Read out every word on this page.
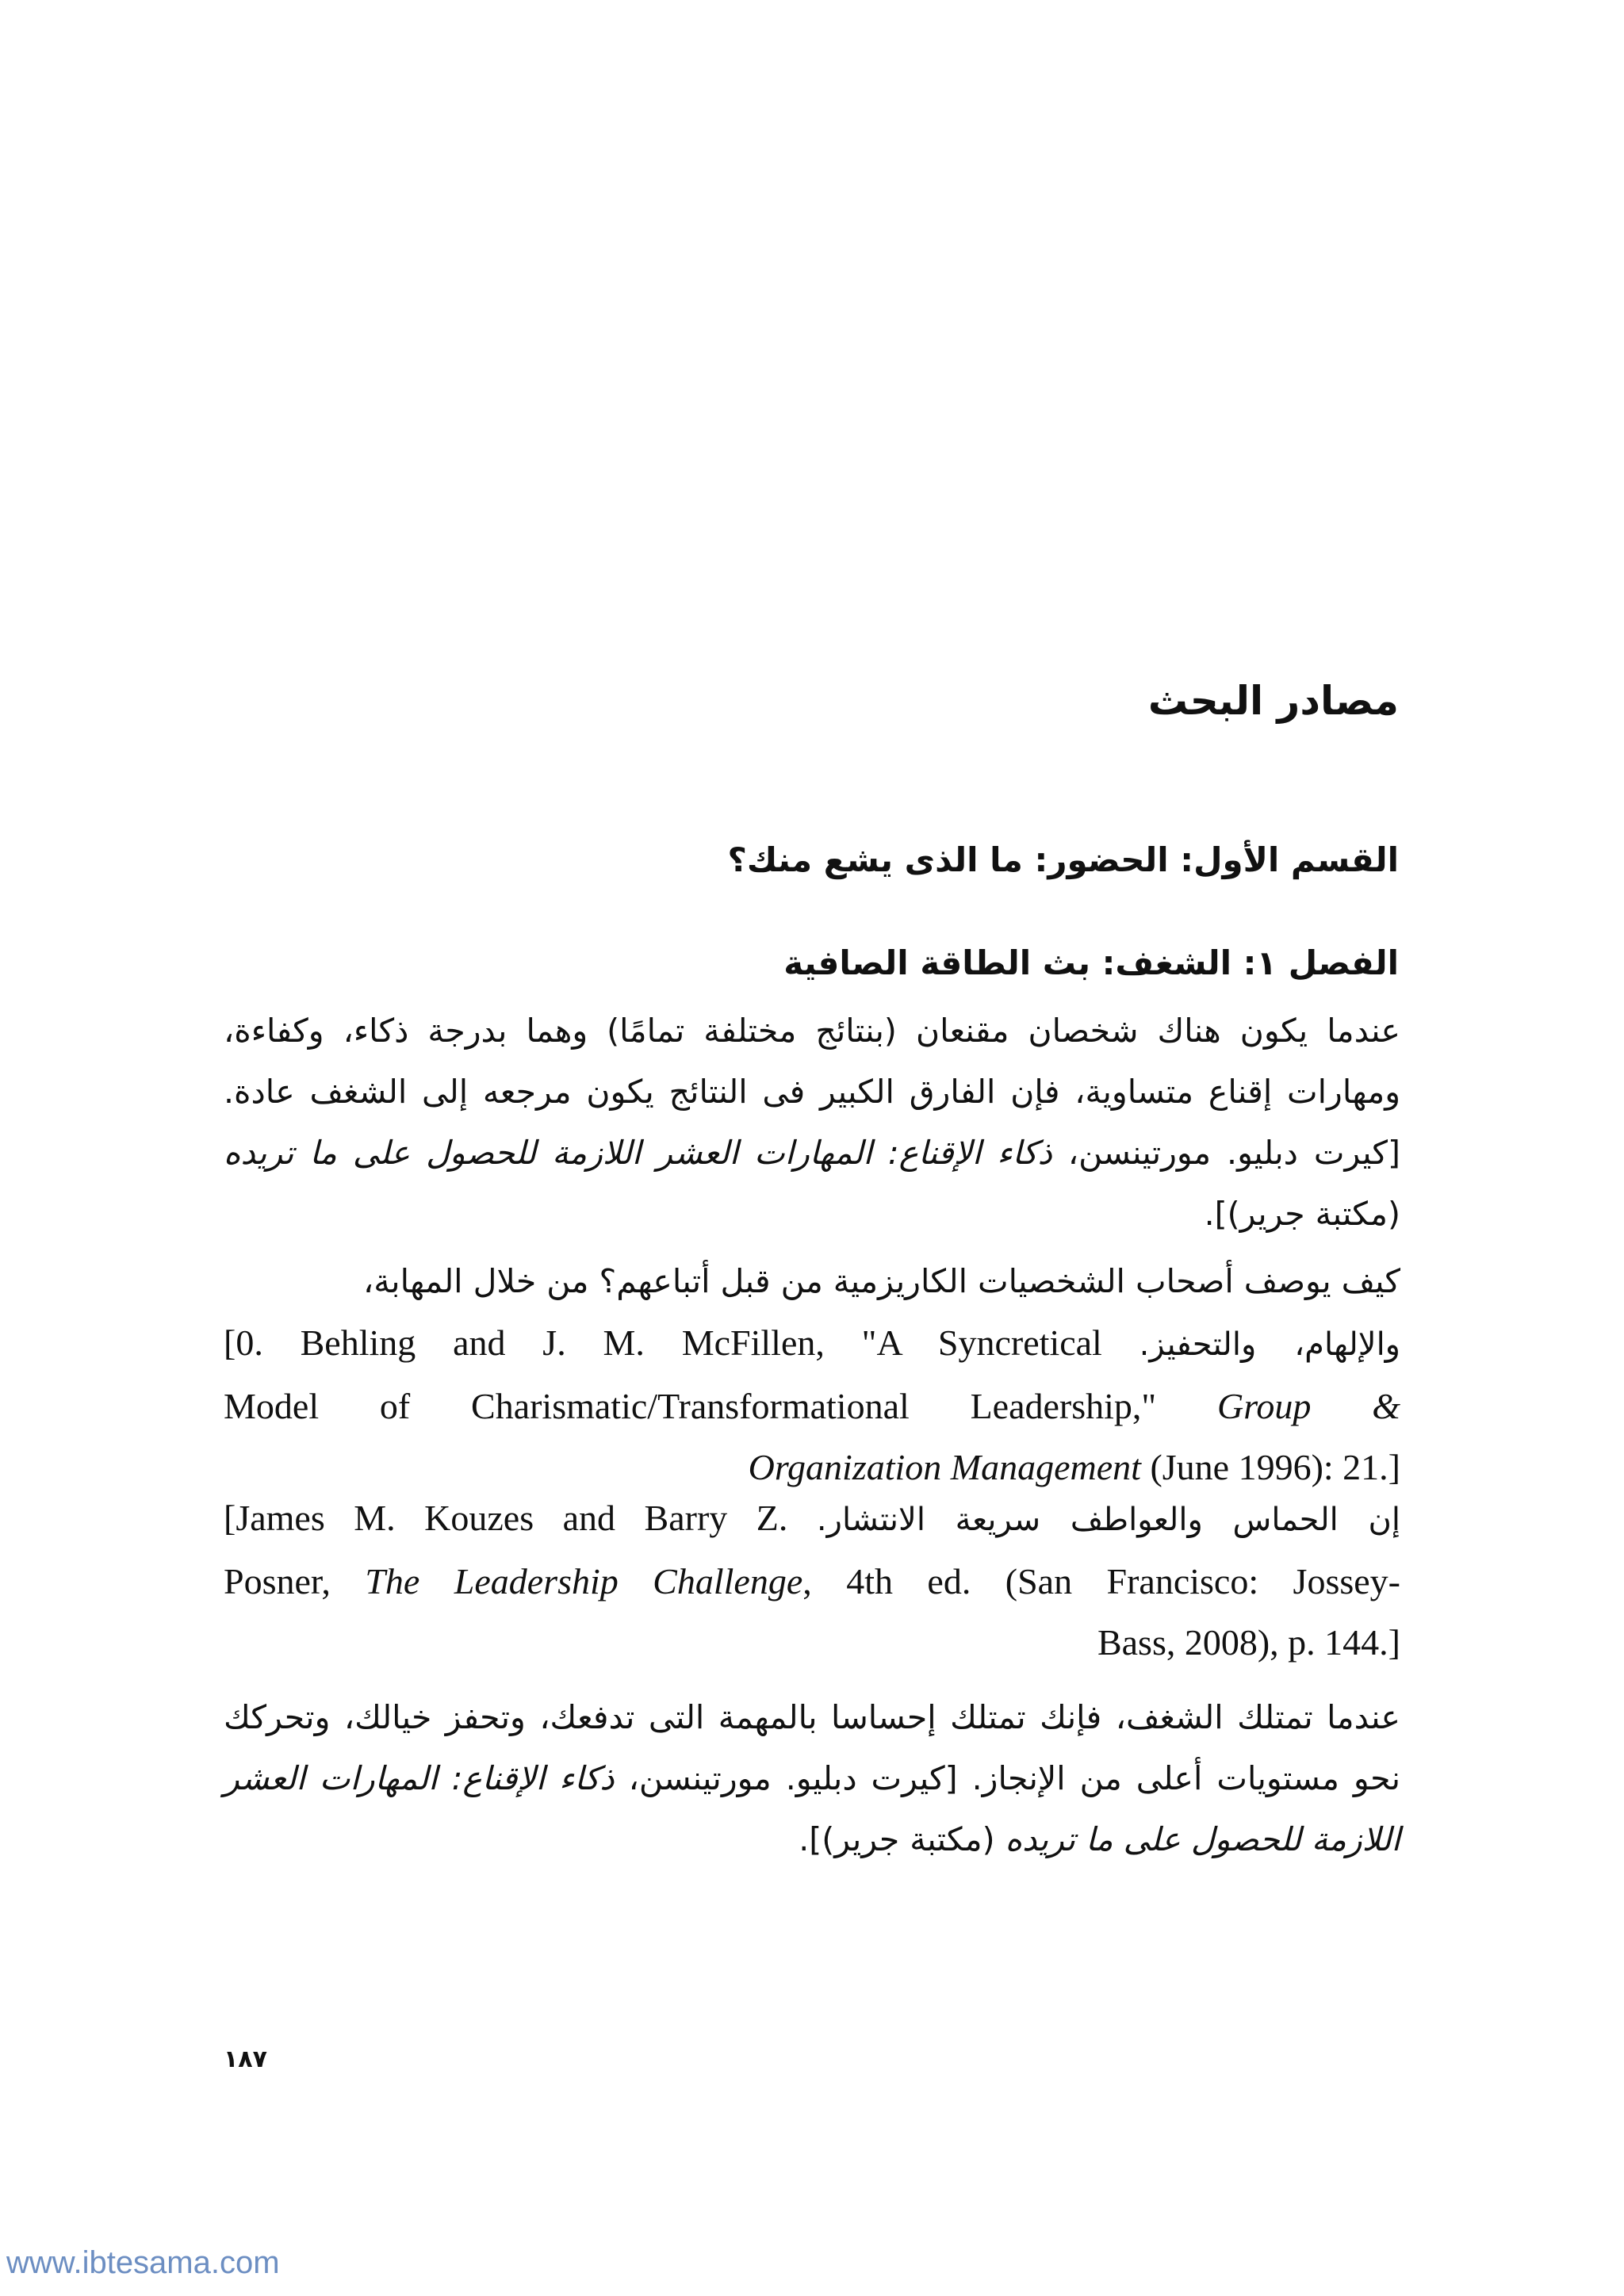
مصادر البحث
القسم الأول: الحضور: ما الذى يشع منك؟
الفصل ١: الشغف: بث الطاقة الصافية
عندما يكون هناك شخصان مقنعان (بنتائج مختلفة تمامًا) وهما بدرجة ذكاء، وكفاءة، ومهارات إقناع متساوية، فإن الفارق الكبير فى النتائج يكون مرجعه إلى الشغف عادة. [كيرت دبليو. مورتينسن، ذكاء الإقناع: المهارات العشر اللازمة للحصول على ما تريده (مكتبة جرير)].
كيف يوصف أصحاب الشخصيات الكاريزمية من قبل أتباعهم؟ من خلال المهابة،
[0. Behling and J. M. McFillen, "A Syncretical والإلهام، والتحفيز.
Model of Charismatic/Transformational Leadership," Group &
Organization Management (June 1996): 21.]
[James M. Kouzes and Barry Z. إن الحماس والعواطف سريعة الانتشار.
Posner, The Leadership Challenge, 4th ed. (San Francisco: Jossey-
Bass, 2008), p. 144.]
عندما تمتلك الشغف، فإنك تمتلك إحساسا بالمهمة التى تدفعك، وتحفز خيالك، وتحركك نحو مستويات أعلى من الإنجاز. [كيرت دبليو. مورتينسن، ذكاء الإقناع: المهارات العشر اللازمة للحصول على ما تريده (مكتبة جرير)].
١٨٧
www.ibtesama.com
